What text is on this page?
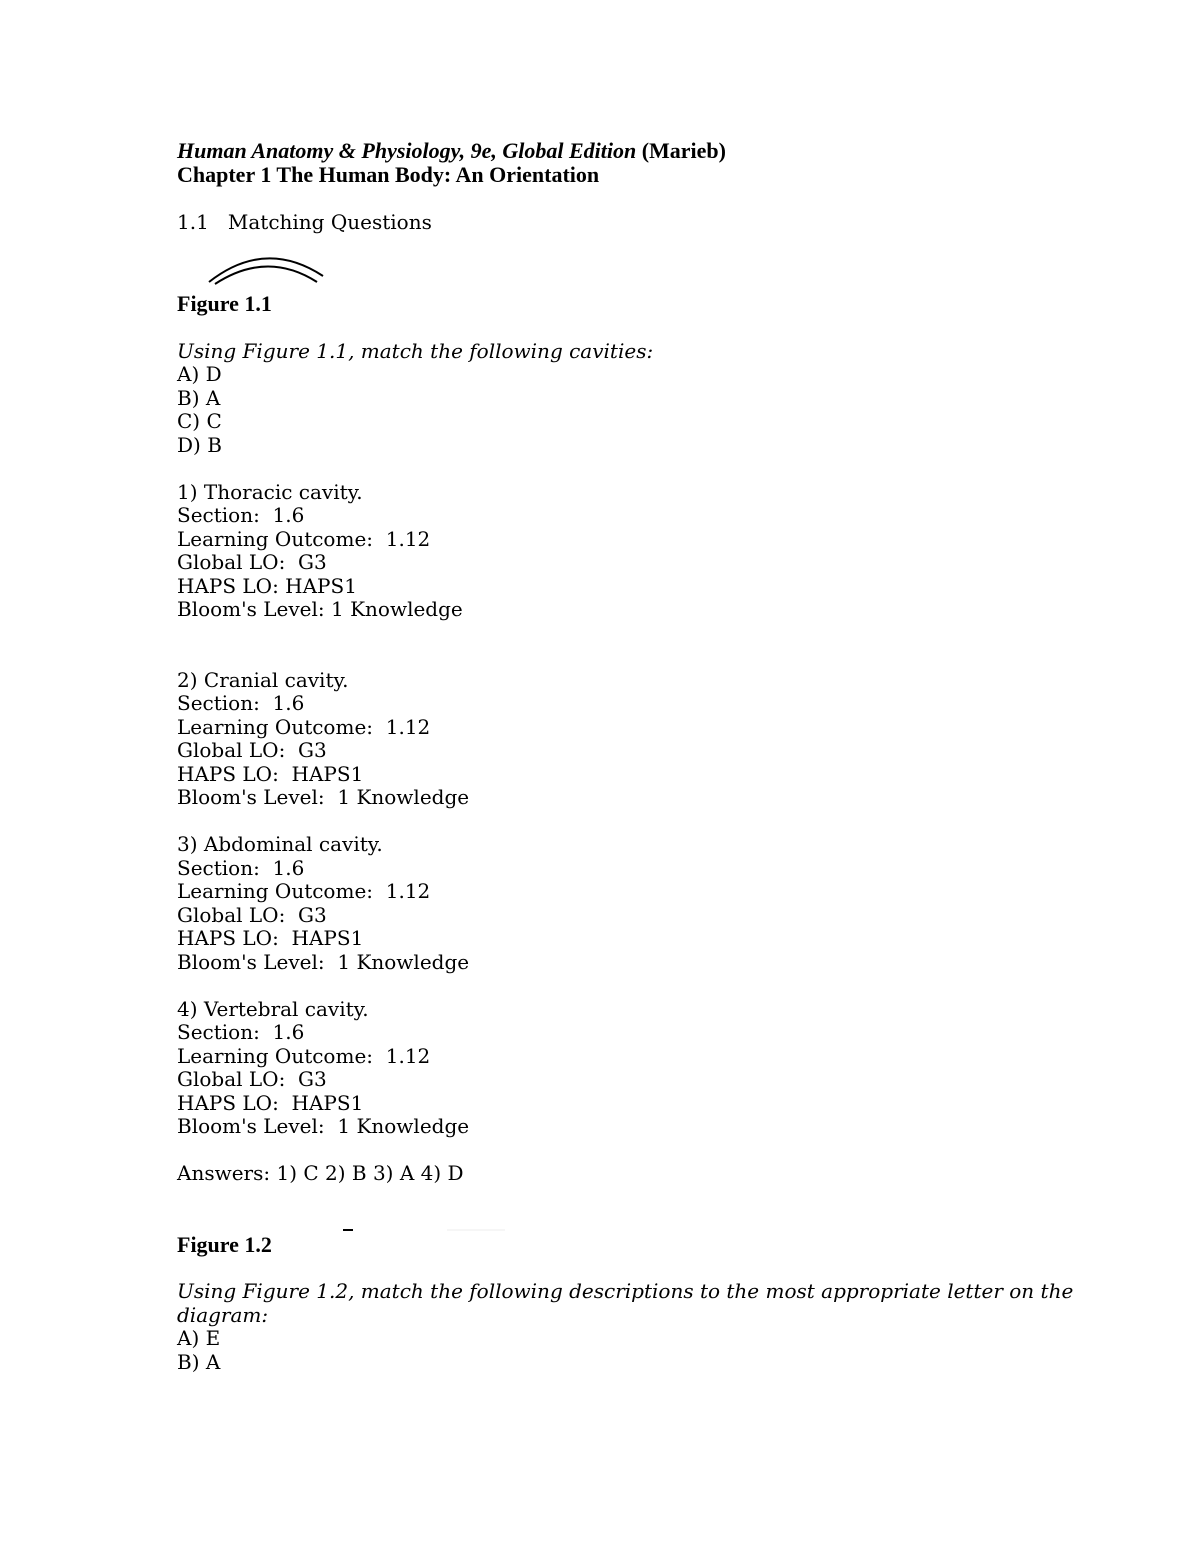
Human Anatomy & Physiology, 9e, Global Edition (Marieb)
Chapter 1 The Human Body: An Orientation
1.1   Matching Questions
Figure 1.1
Using Figure 1.1, match the following cavities:
A) D
B) A
C) C
D) B
1) Thoracic cavity.
Section:  1.6
Learning Outcome:  1.12
Global LO:  G3
HAPS LO: HAPS1
Bloom's Level: 1 Knowledge
2) Cranial cavity.
Section:  1.6
Learning Outcome:  1.12
Global LO:  G3
HAPS LO:  HAPS1
Bloom's Level:  1 Knowledge
3) Abdominal cavity.
Section:  1.6
Learning Outcome:  1.12
Global LO:  G3
HAPS LO:  HAPS1
Bloom's Level:  1 Knowledge
4) Vertebral cavity.
Section:  1.6
Learning Outcome:  1.12
Global LO:  G3
HAPS LO:  HAPS1
Bloom's Level:  1 Knowledge
Answers: 1) C 2) B 3) A 4) D
Figure 1.2
Using Figure 1.2, match the following descriptions to the most appropriate letter on the
diagram:
A) E
B) A
